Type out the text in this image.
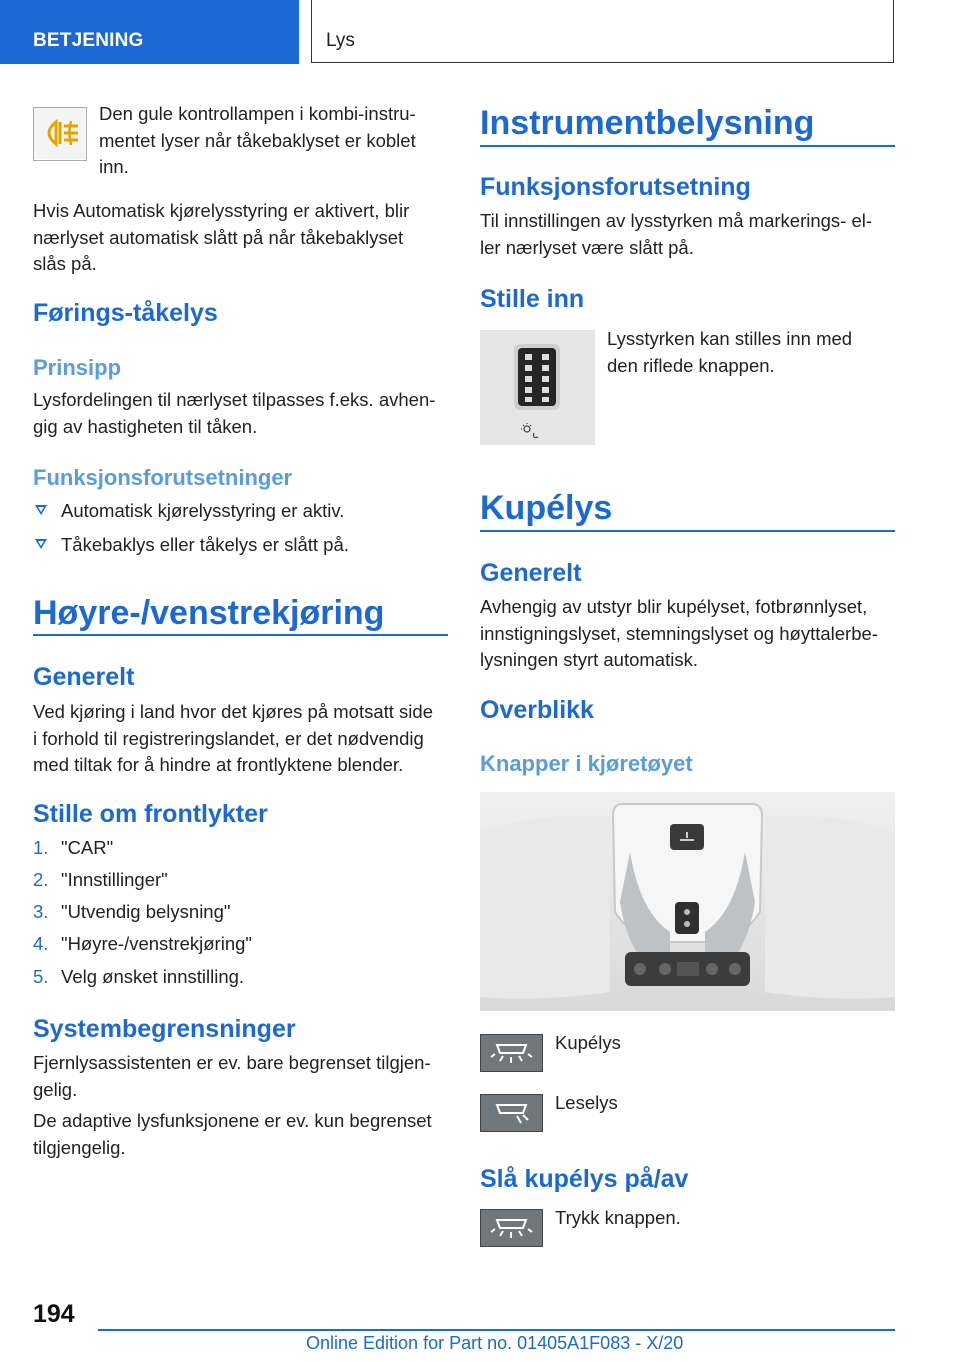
BETJENING	Lys

Den gule kontrollampen i kombi-instru-
mentet lyser når tåkebaklyset er koblet
inn.

Hvis Automatisk kjørelysstyring er aktivert, blir
nærlyset automatisk slått på når tåkebaklyset
slås på.

Førings-tåkelys
Prinsipp

Lysfordelingen til nærlyset tilpasses f.eks. avhen-
gig av hastigheten til tåken.

Funksjonsforutsetninger
Automatisk kjørelysstyring er aktiv.
Tåkebaklys eller tåkelys er slått på.
Høyre-/venstrekjøring
Generelt

Ved kjøring i land hvor det kjøres på motsatt side
i forhold til registreringslandet, er det nødvendig
med tiltak for å hindre at frontlyktene blender.

Stille om frontlykter
1. "CAR"
2. "Innstillinger"
3. "Utvendig belysning"
4. "Høyre-/venstrekjøring"
5. Velg ønsket innstilling.
Systembegrensninger

Fjernlysassistenten er ev. bare begrenset tilgjen-
gelig.

De adaptive lysfunksjonene er ev. kun begrenset
tilgjengelig.

Instrumentbelysning
Funksjonsforutsetning

Til innstillingen av lysstyrken må markerings- el-
ler nærlyset være slått på.

Stille inn

Lysstyrken kan stilles inn med
den riflede knappen.

Kupélys
Generelt

Avhengig av utstyr blir kupélyset, fotbrønnlyset,
innstigningslyset, stemningslyset og høyttalerbe-
lysningen styrt automatisk.

Overblikk
Knapper i kjøretøyet
Kupélys
Leselys
Slå kupélys på/av
Trykk knappen.
194
Online Edition for Part no. 01405A1F083 - X/20
